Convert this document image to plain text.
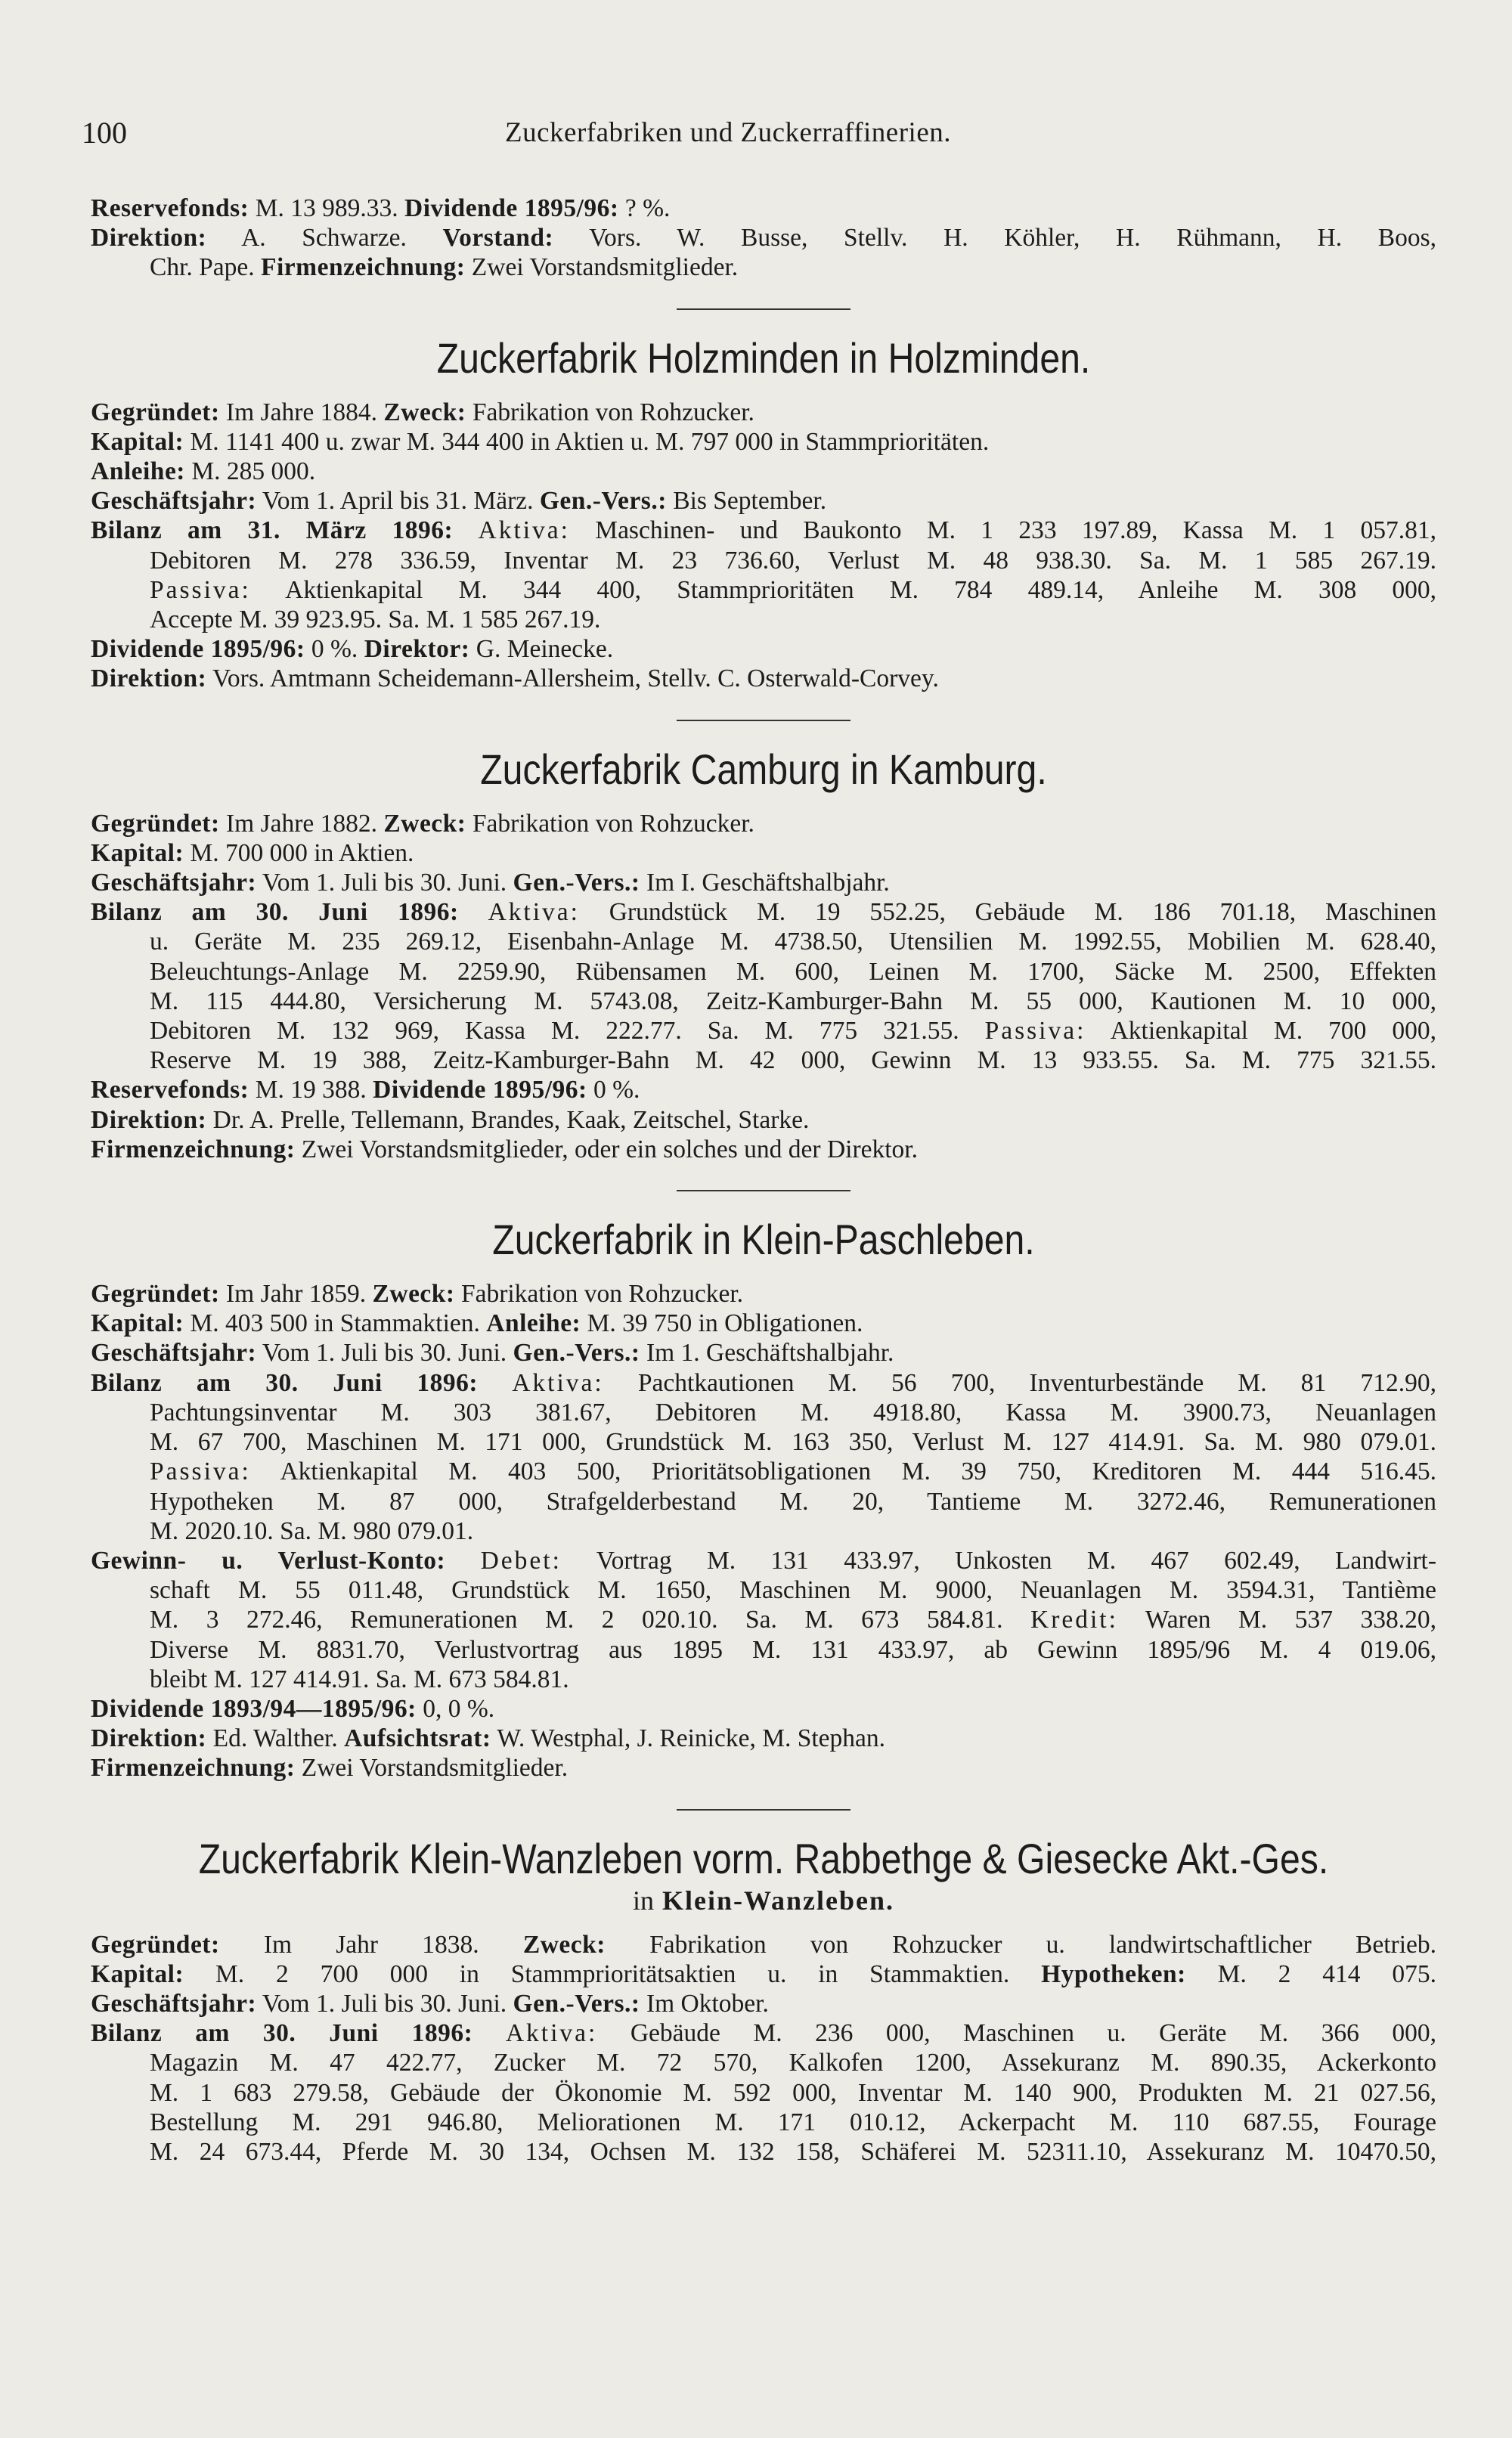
100	Zuckerfabriken und Zuckerraffinerien.
Reservefonds: M. 13 989.33. Dividende 1895/96: ? %.
Direktion: A. Schwarze. Vorstand: Vors. W. Busse, Stellv. H. Köhler, H. Rühmann, H. Boos,
Chr. Pape. Firmenzeichnung: Zwei Vorstandsmitglieder.
Zuckerfabrik Holzminden in Holzminden.
Gegründet: Im Jahre 1884. Zweck: Fabrikation von Rohzucker.
Kapital: M. 1141 400 u. zwar M. 344 400 in Aktien u. M. 797 000 in Stammprioritäten.
Anleihe: M. 285 000.
Geschäftsjahr: Vom 1. April bis 31. März. Gen.-Vers.: Bis September.
Bilanz am 31. März 1896: Aktiva: Maschinen- und Baukonto M. 1 233 197.89, Kassa M. 1 057.81,
Debitoren M. 278 336.59, Inventar M. 23 736.60, Verlust M. 48 938.30. Sa. M. 1 585 267.19.
Passiva: Aktienkapital M. 344 400, Stammprioritäten M. 784 489.14, Anleihe M. 308 000,
Accepte M. 39 923.95. Sa. M. 1 585 267.19.
Dividende 1895/96: 0 %. Direktor: G. Meinecke.
Direktion: Vors. Amtmann Scheidemann-Allersheim, Stellv. C. Osterwald-Corvey.
Zuckerfabrik Camburg in Kamburg.
Gegründet: Im Jahre 1882. Zweck: Fabrikation von Rohzucker.
Kapital: M. 700 000 in Aktien.
Geschäftsjahr: Vom 1. Juli bis 30. Juni. Gen.-Vers.: Im I. Geschäftshalbjahr.
Bilanz am 30. Juni 1896: Aktiva: Grundstück M. 19 552.25, Gebäude M. 186 701.18, Maschinen
u. Geräte M. 235 269.12, Eisenbahn-Anlage M. 4738.50, Utensilien M. 1992.55, Mobilien M. 628.40,
Beleuchtungs-Anlage M. 2259.90, Rübensamen M. 600, Leinen M. 1700, Säcke M. 2500, Effekten
M. 115 444.80, Versicherung M. 5743.08, Zeitz-Kamburger-Bahn M. 55 000, Kautionen M. 10 000,
Debitoren M. 132 969, Kassa M. 222.77. Sa. M. 775 321.55. Passiva: Aktienkapital M. 700 000,
Reserve M. 19 388, Zeitz-Kamburger-Bahn M. 42 000, Gewinn M. 13 933.55. Sa. M. 775 321.55.
Reservefonds: M. 19 388. Dividende 1895/96: 0 %.
Direktion: Dr. A. Prelle, Tellemann, Brandes, Kaak, Zeitschel, Starke.
Firmenzeichnung: Zwei Vorstandsmitglieder, oder ein solches und der Direktor.
Zuckerfabrik in Klein-Paschleben.
Gegründet: Im Jahr 1859. Zweck: Fabrikation von Rohzucker.
Kapital: M. 403 500 in Stammaktien. Anleihe: M. 39 750 in Obligationen.
Geschäftsjahr: Vom 1. Juli bis 30. Juni. Gen.-Vers.: Im 1. Geschäftshalbjahr.
Bilanz am 30. Juni 1896: Aktiva: Pachtkautionen M. 56 700, Inventurbestände M. 81 712.90,
Pachtungsinventar M. 303 381.67, Debitoren M. 4918.80, Kassa M. 3900.73, Neuanlagen
M. 67 700, Maschinen M. 171 000, Grundstück M. 163 350, Verlust M. 127 414.91. Sa. M. 980 079.01.
Passiva: Aktienkapital M. 403 500, Prioritätsobligationen M. 39 750, Kreditoren M. 444 516.45.
Hypotheken M. 87 000, Strafgelderbestand M. 20, Tantieme M. 3272.46, Remunerationen
M. 2020.10. Sa. M. 980 079.01.
Gewinn- u. Verlust-Konto: Debet: Vortrag M. 131 433.97, Unkosten M. 467 602.49, Landwirt-
schaft M. 55 011.48, Grundstück M. 1650, Maschinen M. 9000, Neuanlagen M. 3594.31, Tantième
M. 3 272.46, Remunerationen M. 2 020.10. Sa. M. 673 584.81. Kredit: Waren M. 537 338.20,
Diverse M. 8831.70, Verlustvortrag aus 1895 M. 131 433.97, ab Gewinn 1895/96 M. 4 019.06,
bleibt M. 127 414.91. Sa. M. 673 584.81.
Dividende 1893/94—1895/96: 0, 0 %.
Direktion: Ed. Walther. Aufsichtsrat: W. Westphal, J. Reinicke, M. Stephan.
Firmenzeichnung: Zwei Vorstandsmitglieder.
Zuckerfabrik Klein-Wanzleben vorm. Rabbethge & Giesecke Akt.-Ges.
in Klein-Wanzleben.
Gegründet: Im Jahr 1838. Zweck: Fabrikation von Rohzucker u. landwirtschaftlicher Betrieb.
Kapital: M. 2 700 000 in Stammprioritätsaktien u. in Stammaktien. Hypotheken: M. 2 414 075.
Geschäftsjahr: Vom 1. Juli bis 30. Juni. Gen.-Vers.: Im Oktober.
Bilanz am 30. Juni 1896: Aktiva: Gebäude M. 236 000, Maschinen u. Geräte M. 366 000,
Magazin M. 47 422.77, Zucker M. 72 570, Kalkofen 1200, Assekuranz M. 890.35, Ackerkonto
M. 1 683 279.58, Gebäude der Ökonomie M. 592 000, Inventar M. 140 900, Produkten M. 21 027.56,
Bestellung M. 291 946.80, Meliorationen M. 171 010.12, Ackerpacht M. 110 687.55, Fourage
M. 24 673.44, Pferde M. 30 134, Ochsen M. 132 158, Schäferei M. 52311.10, Assekuranz M. 10470.50,
